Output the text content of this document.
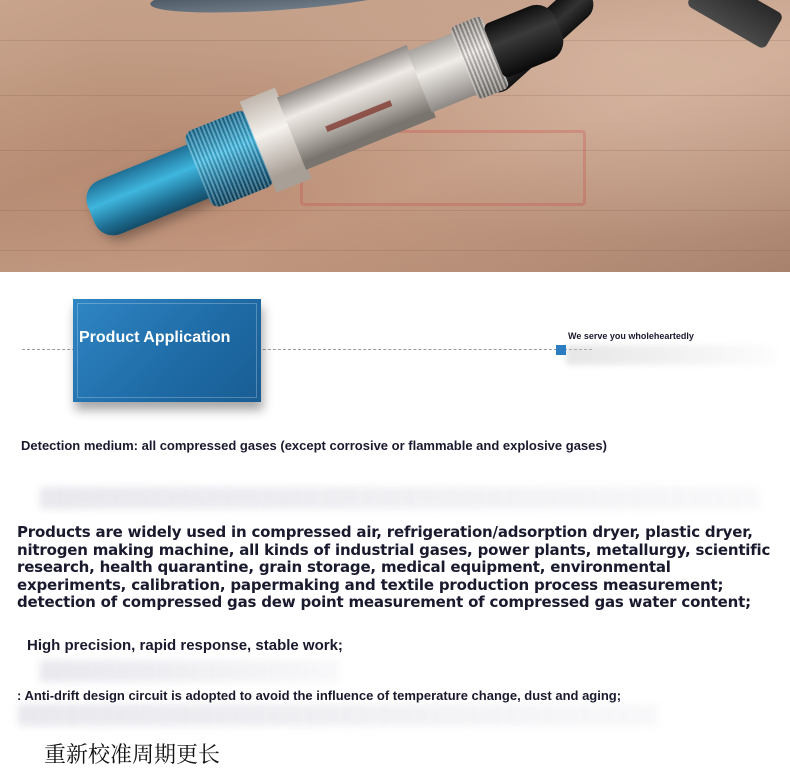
Product Application	We serve you wholeheartedly
Detection medium: all compressed gases (except corrosive or flammable and explosive gases)
Products are widely used in compressed air, refrigeration/adsorption dryer, plastic dryer, nitrogen making machine, all kinds of industrial gases, power plants, metallurgy, scientific research, health quarantine, grain storage, medical equipment, environmental experiments, calibration, papermaking and textile production process measurement; detection of compressed gas dew point measurement of compressed gas water content;
High precision, rapid response, stable work;
: Anti-drift design circuit is adopted to avoid the influence of temperature change, dust and aging;
重新校准周期更长
